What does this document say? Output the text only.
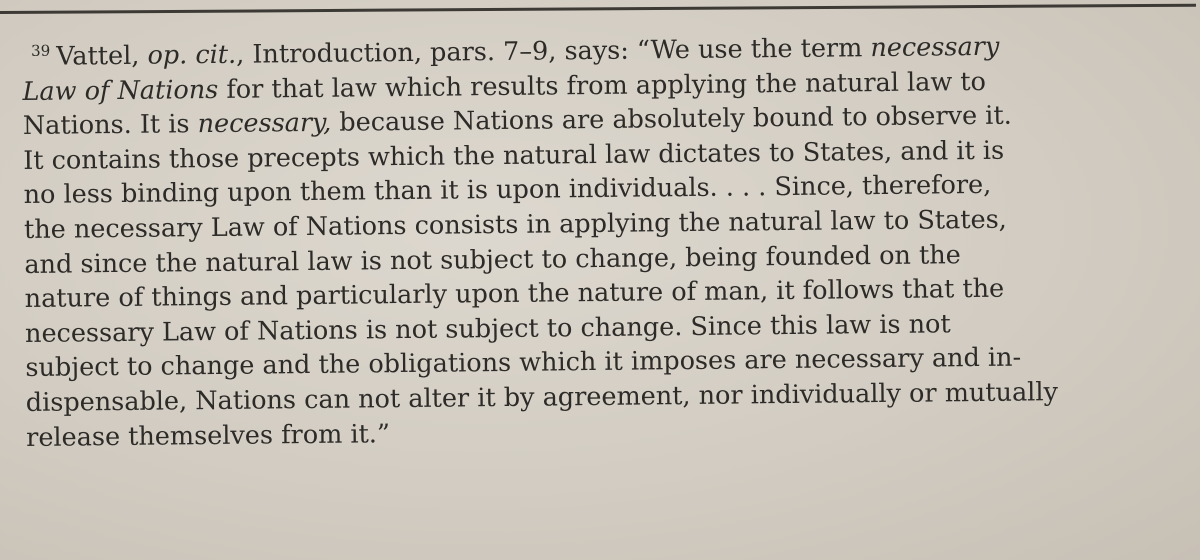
$^{39}$ Vattel, op. cit., Introduction, pars. 7–9, says: “We use the term necessary
Law of Nations for that law which results from applying the natural law to
Nations. It is necessary, because Nations are absolutely bound to observe it.
It contains those precepts which the natural law dictates to States, and it is
no less binding upon them than it is upon individuals. . . . Since, therefore,
the necessary Law of Nations consists in applying the natural law to States,
and since the natural law is not subject to change, being founded on the
nature of things and particularly upon the nature of man, it follows that the
necessary Law of Nations is not subject to change. Since this law is not
subject to change and the obligations which it imposes are necessary and in-
dispensable, Nations can not alter it by agreement, nor individually or mutually
release themselves from it.”
